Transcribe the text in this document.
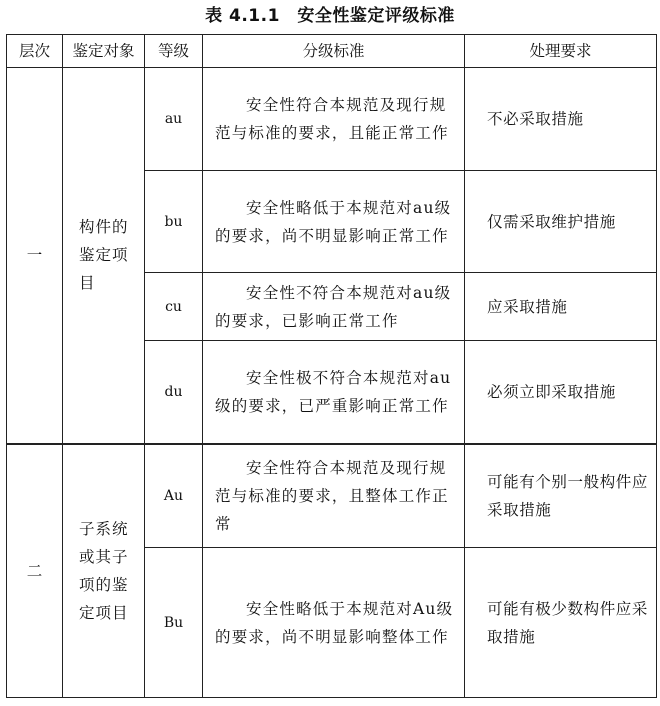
表 4.1.1　安全性鉴定评级标准
层次	鉴定对象	等级	分级标准	处理要求
一	构件的鉴定项目	au	安全性符合本规范及现行规范与标准的要求，且能正常工作	不必采取措施
		bu	安全性略低于本规范对au级的要求，尚不明显影响正常工作	仅需采取维护措施
		cu	安全性不符合本规范对au级的要求，已影响正常工作	应采取措施
		du	安全性极不符合本规范对au级的要求，已严重影响正常工作	必须立即采取措施
二	子系统或其子项的鉴定项目	Au	安全性符合本规范及现行规范与标准的要求，且整体工作正常	可能有个别一般构件应采取措施
		Bu	安全性略低于本规范对Au级的要求，尚不明显影响整体工作	可能有极少数构件应采取措施
